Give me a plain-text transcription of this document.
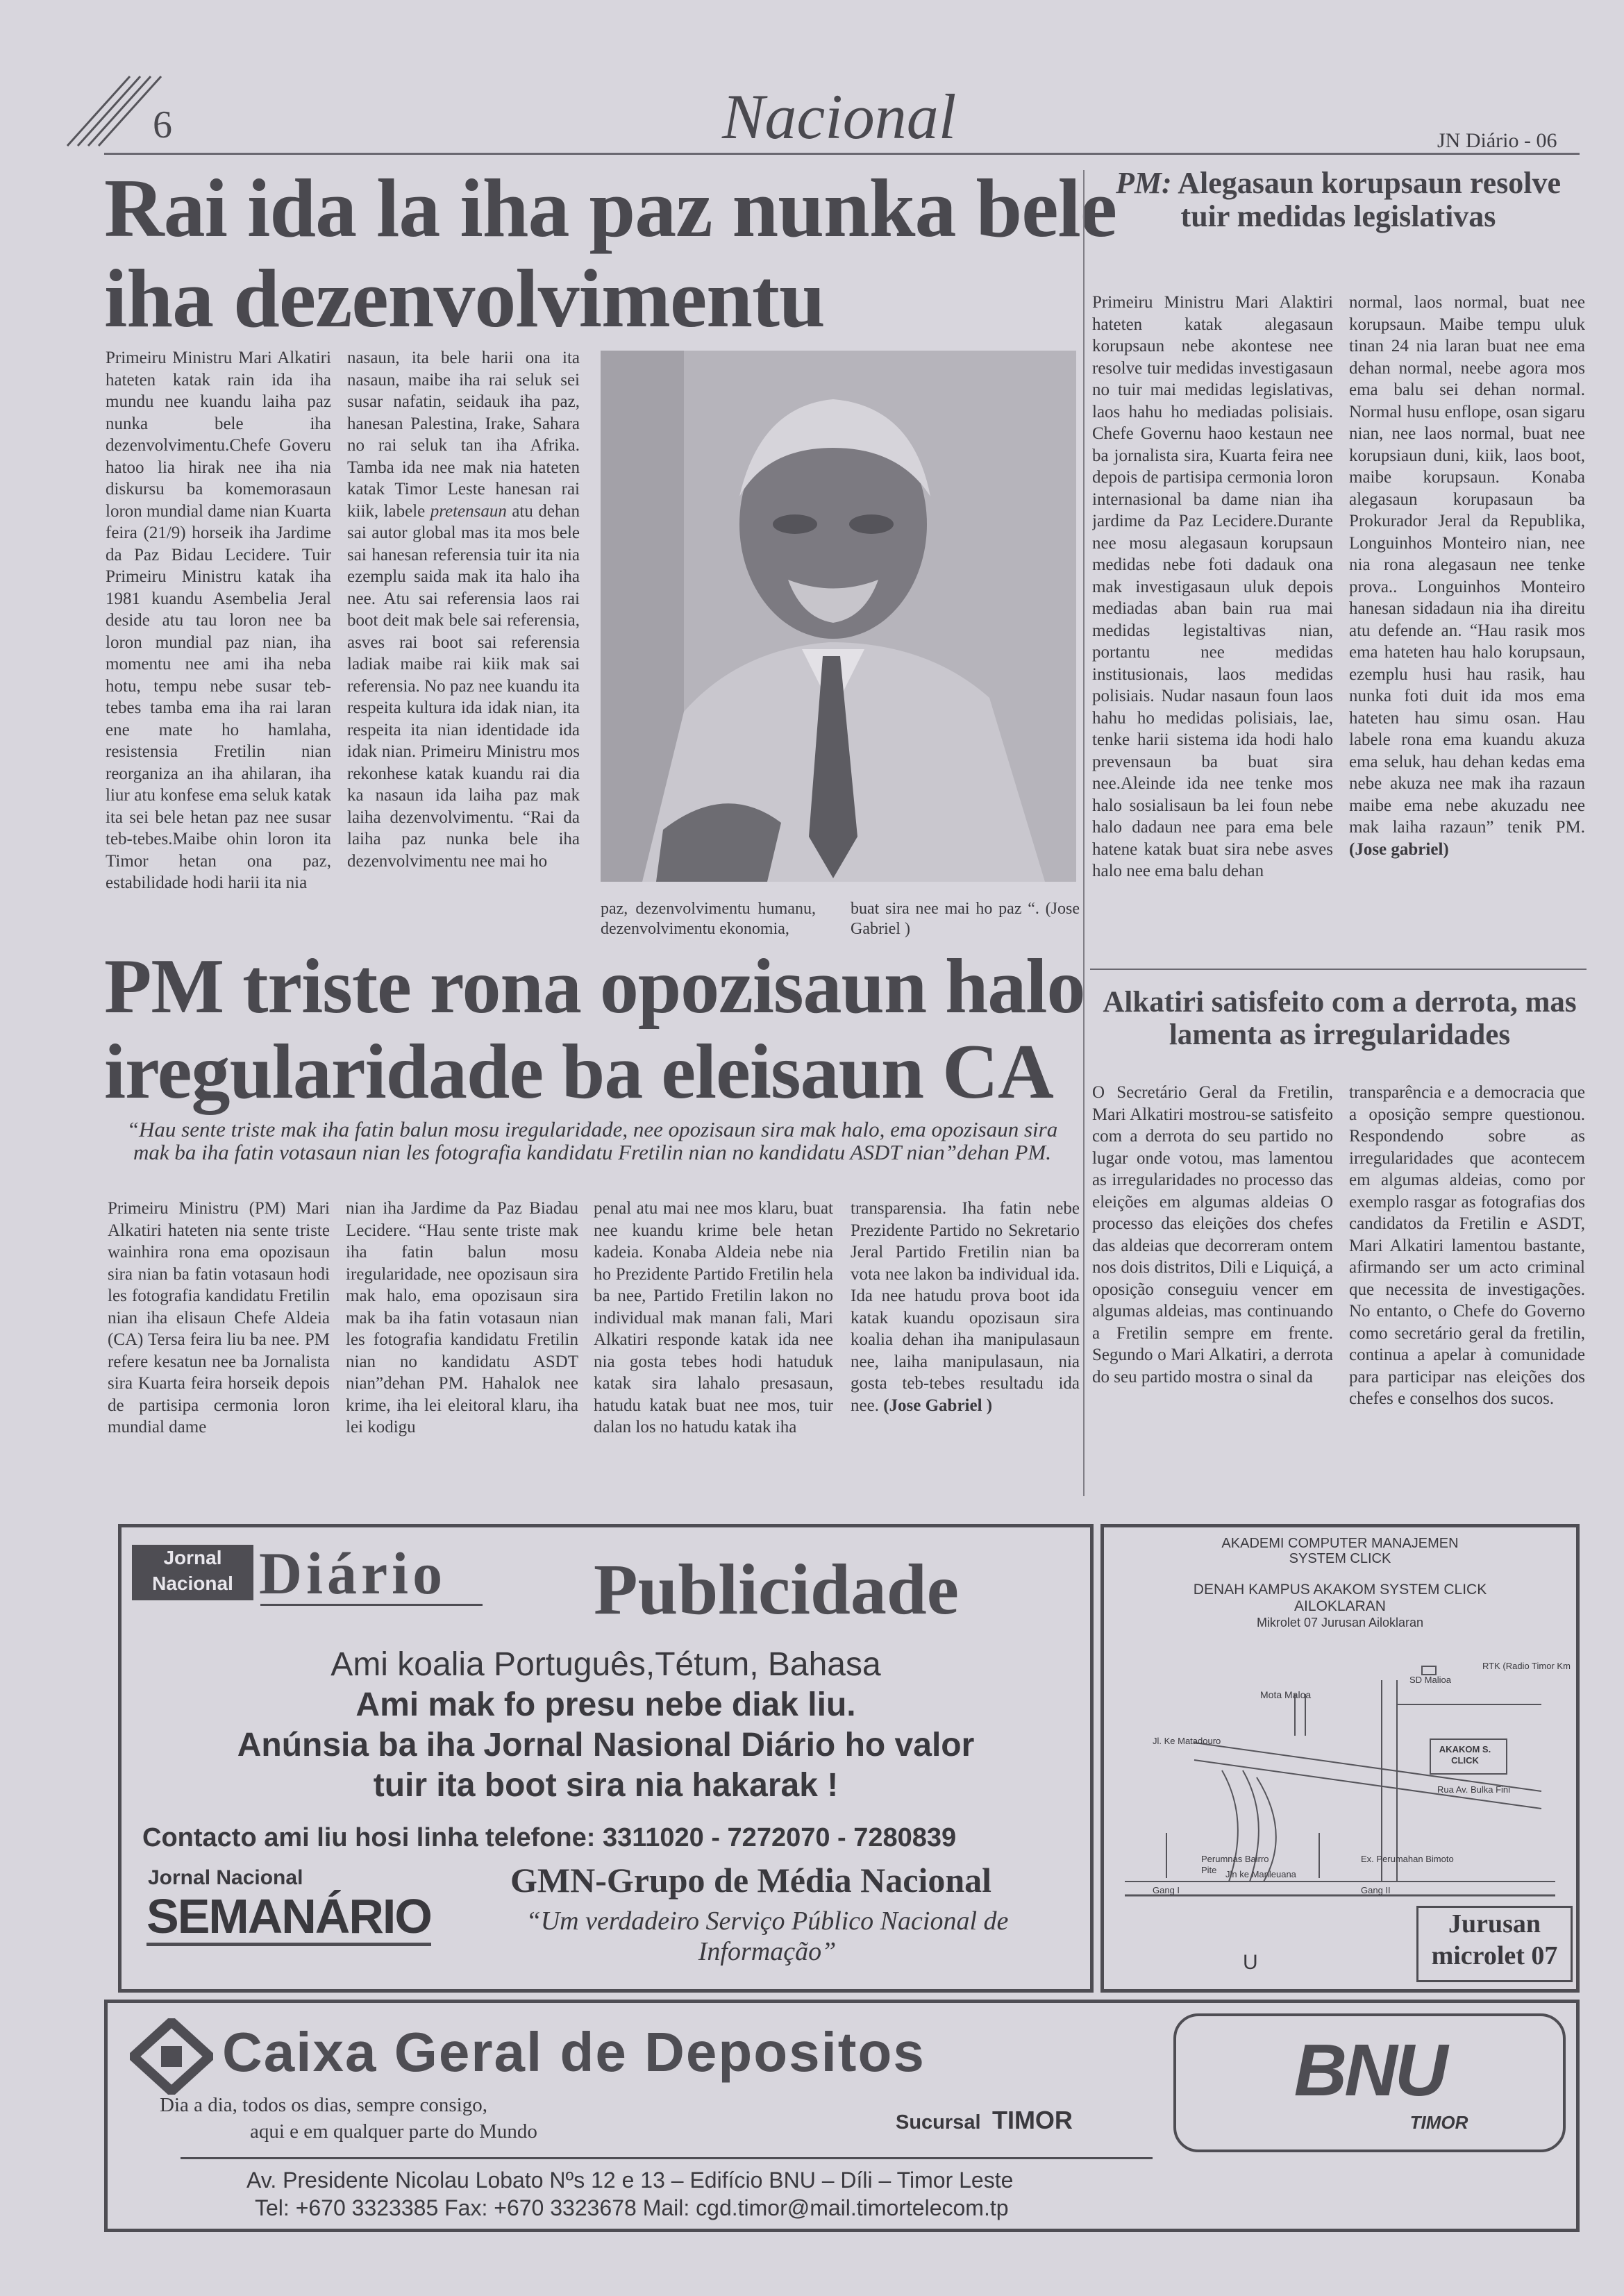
6	Nacional	JN Diário - 06
Rai ida la iha paz nunka bele
iha dezenvolvimentu

Primeiru Ministru Mari Alkatiri hateten katak rain ida iha mundu nee kuandu laiha paz nunka bele iha dezenvolvimentu.Chefe Goveru hatoo lia hirak nee iha nia diskursu ba komemorasaun loron mundial dame nian Kuarta feira (21/9) horseik iha Jardime da Paz Bidau Lecidere. Tuir Primeiru Ministru katak iha 1981 kuandu Asembelia Jeral deside atu tau loron nee ba loron mundial paz nian, iha momentu nee ami iha neba hotu, tempu nebe susar teb-tebes tamba ema iha rai laran ene mate ho hamlaha, resistensia Fretilin nian reorganiza an iha ahilaran, iha liur atu konfese ema seluk katak ita sei bele hetan paz nee susar teb-tebes.Maibe ohin loron ita Timor hetan ona paz, estabilidade hodi harii ita nia

nasaun, ita bele harii ona ita nasaun, maibe iha rai seluk sei susar nafatin, seidauk iha paz, hanesan Palestina, Irake, Sahara no rai seluk tan iha Afrika. Tamba ida nee mak nia hateten katak Timor Leste hanesan rai kiik, labele pretensaun atu dehan sai autor global mas ita mos bele sai hanesan referensia tuir ita nia ezemplu saida mak ita halo iha nee. Atu sai referensia laos rai boot deit mak bele sai referensia, asves rai boot sai referensia ladiak maibe rai kiik mak sai referensia. No paz nee kuandu ita respeita kultura ida idak nian, ita respeita ita nian identidade ida idak nian. Primeiru Ministru mos rekonhese katak kuandu rai dia ka nasaun ida laiha paz mak laiha dezenvolvimentu. “Rai da laiha paz nunka bele iha dezenvolvimentu nee mai ho

paz, dezenvolvimentu humanu, dezenvolvimentu ekonomia,

buat sira nee mai ho paz “. (Jose Gabriel )

PM triste rona opozisaun halo
iregularidade ba eleisaun CA
“Hau sente triste mak iha fatin balun mosu iregularidade, nee opozisaun sira mak halo, ema opozisaun sira mak ba iha fatin votasaun nian les fotografia kandidatu Fretilin nian no kandidatu ASDT nian”dehan PM.

Primeiru Ministru (PM) Mari Alkatiri hateten nia sente triste wainhira rona ema opozisaun sira nian ba fatin votasaun hodi les fotografia kandidatu Fretilin nian iha elisaun Chefe Aldeia (CA) Tersa feira liu ba nee. PM refere kesatun nee ba Jornalista sira Kuarta feira horseik depois de partisipa cermonia loron mundial dame

nian iha Jardime da Paz Biadau Lecidere. “Hau sente triste mak iha fatin balun mosu iregularidade, nee opozisaun sira mak halo, ema opozisaun sira mak ba iha fatin votasaun nian les fotografia kandidatu Fretilin nian no kandidatu ASDT nian”dehan PM. Hahalok nee krime, iha lei eleitoral klaru, iha lei kodigu

penal atu mai nee mos klaru, buat nee kuandu krime bele hetan kadeia. Konaba Aldeia nebe nia ho Prezidente Partido Fretilin hela ba nee, Partido Fretilin lakon no individual mak manan fali, Mari Alkatiri responde katak ida nee nia gosta tebes hodi hatuduk katak sira lahalo presasaun, hatudu katak buat nee mos, tuir dalan los no hatudu katak iha

transparensia. Iha fatin nebe Prezidente Partido no Sekretario Jeral Partido Fretilin nian ba vota nee lakon ba individual ida. Ida nee hatudu prova boot ida katak kuandu opozisaun sira koalia dehan iha manipulasaun nee, laiha manipulasaun, nia gosta teb-tebes resultadu ida nee. (Jose Gabriel )

PM: Alegasaun korupsaun resolve tuir medidas legislativas

Primeiru Ministru Mari Alaktiri hateten katak alegasaun korupsaun nebe akontese nee resolve tuir medidas investigasaun no tuir mai medidas legislativas, laos hahu ho mediadas polisiais. Chefe Governu haoo kestaun nee ba jornalista sira, Kuarta feira nee depois de partisipa cermonia loron internasional ba dame nian iha jardime da Paz Lecidere.Durante nee mosu alegasaun korupsaun medidas nebe foti dadauk ona mak investigasaun uluk depois mediadas aban bain rua mai medidas legistaltivas nian, portantu nee medidas institusionais, laos medidas polisiais. Nudar nasaun foun laos hahu ho medidas polisiais, lae, tenke harii sistema ida hodi halo prevensaun ba buat sira nee.Aleinde ida nee tenke mos halo sosialisaun ba lei foun nebe halo dadaun nee para ema bele hatene katak buat sira nebe asves halo nee ema balu dehan

normal, laos normal, buat nee korupsaun. Maibe tempu uluk tinan 24 nia laran buat nee ema dehan normal, neebe agora mos ema balu sei dehan normal. Normal husu enflope, osan sigaru nian, nee laos normal, buat nee korupsiaun duni, kiik, laos boot, maibe korupsaun. Konaba alegasaun korupasaun ba Prokurador Jeral da Republika, Longuinhos Monteiro nian, nee nia rona alegasaun nee tenke prova.. Longuinhos Monteiro hanesan sidadaun nia iha direitu atu defende an. “Hau rasik mos ema hateten hau halo korupsaun, ezemplu husi hau rasik, hau nunka foti duit ida mos ema hateten hau simu osan. Hau labele rona ema kuandu akuza ema seluk, hau dehan kedas ema nebe akuza nee mak iha razaun maibe ema nebe akuzadu nee mak laiha razaun” tenik PM. (Jose gabriel)

Alkatiri satisfeito com a derrota, mas lamenta as irregularidades

O Secretário Geral da Fretilin, Mari Alkatiri mostrou-se satisfeito com a derrota do seu partido no lugar onde votou, mas lamentou as irregularidades no processo das eleições em algumas aldeias O processo das eleições dos chefes das aldeias que decorreram ontem nos dois distritos, Dili e Liquiçá, a oposição conseguiu vencer em algumas aldeias, mas continuando a Fretilin sempre em frente. Segundo o Mari Alkatiri, a derrota do seu partido mostra o sinal da

transparência e a democracia que a oposição sempre questionou. Respondendo sobre as irregularidades que acontecem em algumas aldeias, como por exemplo rasgar as fotografias dos candidatos da Fretilin e ASDT, Mari Alkatiri lamentou bastante, afirmando ser um acto criminal que necessita de investigações. No entanto, o Chefe do Governo como secretário geral da fretilin, continua a apelar à comunidade para participar nas eleições dos chefes e conselhos dos sucos.

Jornal
Nacional Diário Publicidade
Ami koalia Português,Tétum, Bahasa
Ami mak fo presu nebe diak liu.
Anúnsia ba iha Jornal Nasional Diário ho valor
tuir ita boot sira nia hakarak !
Contacto ami liu hosi linha telefone: 3311020 - 7272070 - 7280839
Jornal Nacional
SEMANÁRIO
GMN-Grupo de Média Nacional
“Um verdadeiro Serviço Público Nacional de Informação”
AKADEMI COMPUTER MANAJEMEN
SYSTEM CLICK
DENAH KAMPUS AKAKOM SYSTEM CLICK
AILOKLARAN
Mikrolet 07 Jurusan Ailoklaran
RTK (Radio Timor Km
SD Malioa
Mota Maloa
Jl. Ke Matadouro
AKAKOM S. CLICK
Rua Av. Bulka Fini
Perumnas Bairro Pite
Ex. Perumahan Bimoto
Jln ke Manleuana
Gang I	Gang II
U
Jurusan
microlet 07
Caixa Geral de Depositos
Dia a dia, todos os dias, sempre consigo,
aqui e em qualquer parte do Mundo	Sucursal TIMOR
BNU
TIMOR
Av. Presidente Nicolau Lobato Nºs 12 e 13 – Edifício BNU – Díli – Timor Leste
Tel: +670 3323385 Fax: +670 3323678 Mail: cgd.timor@mail.timortelecom.tp
